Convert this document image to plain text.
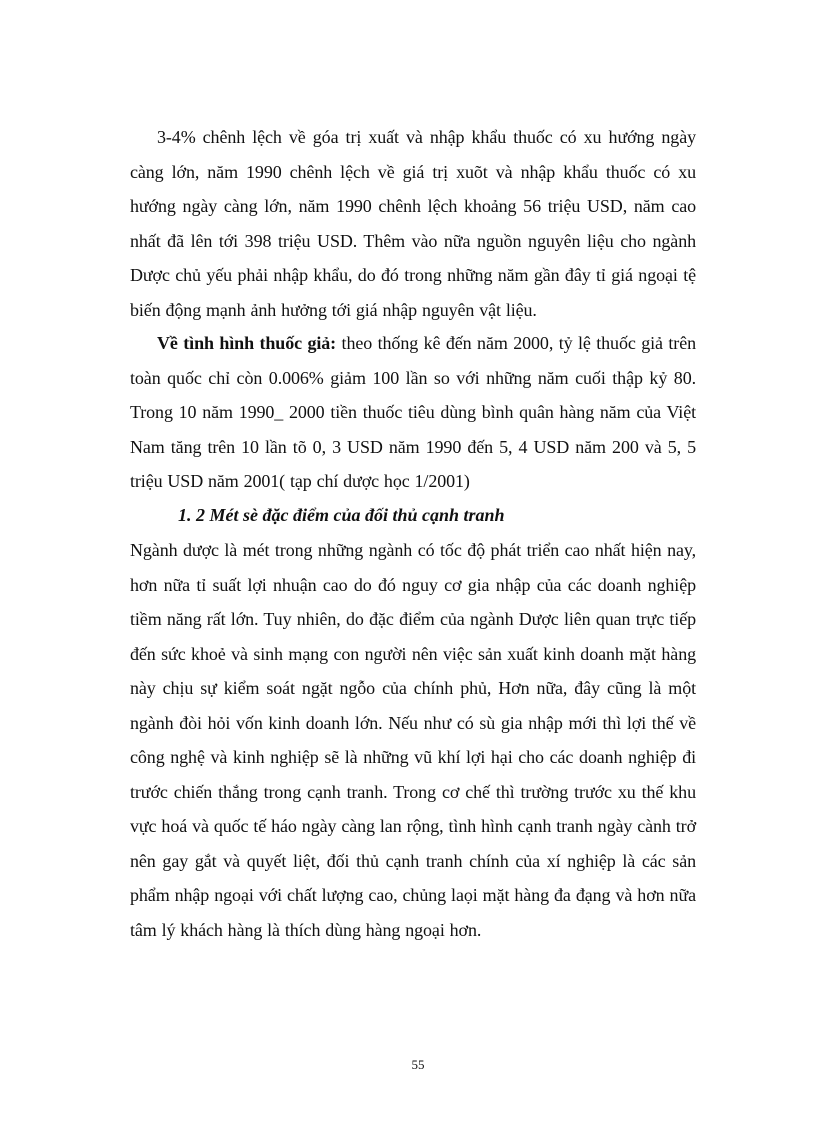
3-4% chênh lệch về góa trị xuất và nhập khẩu thuốc có xu hướng ngày càng lớn, năm 1990 chênh lệch về giá trị xuõt và nhập khẩu thuốc có xu hướng ngày càng lớn, năm 1990 chênh lệch khoảng 56 triệu USD, năm cao nhất đã lên tới 398 triệu USD. Thêm vào nữa nguồn nguyên liệu cho ngành Dược chủ yếu phải nhập khẩu, do đó trong những năm gần đây tỉ giá ngoại tệ biến động mạnh ảnh hưởng tới giá nhập nguyên vật liệu.

Về tình hình thuốc giả: theo thống kê đến năm 2000, tỷ lệ thuốc giả trên toàn quốc chỉ còn 0.006% giảm 100 lần so với những năm cuối thập kỷ 80. Trong 10 năm 1990_ 2000 tiền thuốc tiêu dùng bình quân hàng năm của Việt Nam tăng trên 10 lần tõ 0, 3 USD năm 1990 đến 5, 4 USD năm 200 và 5, 5 triệu USD năm 2001( tạp chí dược học 1/2001)

1. 2 Mét sè đặc điểm của đối thủ cạnh tranh

Ngành dược là mét trong những ngành có tốc độ phát triển cao nhất hiện nay, hơn nữa tỉ suất lợi nhuận cao do đó nguy cơ gia nhập của các doanh nghiệp tiềm năng rất lớn. Tuy nhiên, do đặc điểm của ngành Dược liên quan trực tiếp đến sức khoẻ và sinh mạng con người nên việc sản xuất kinh doanh mặt hàng này chịu sự kiểm soát ngặt ngỗo của chính phủ, Hơn nữa, đây cũng là một ngành đòi hỏi vốn kinh doanh lớn. Nếu như có sù gia nhập mới thì lợi thế về công nghệ và kinh nghiệp sẽ là những vũ khí lợi hại cho các doanh nghiệp đi trước chiến thắng trong cạnh tranh. Trong cơ chế thì trường trước xu thế khu vực hoá và quốc tế háo ngày càng lan rộng, tình hình cạnh tranh ngày cành trở nên gay gắt và quyết liệt, đối thủ cạnh tranh chính của xí nghiệp là các sản phẩm nhập ngoại với chất lượng cao, chủng laọi mặt hàng đa đạng và hơn nữa tâm lý khách hàng là thích dùng hàng ngoại hơn.

55
